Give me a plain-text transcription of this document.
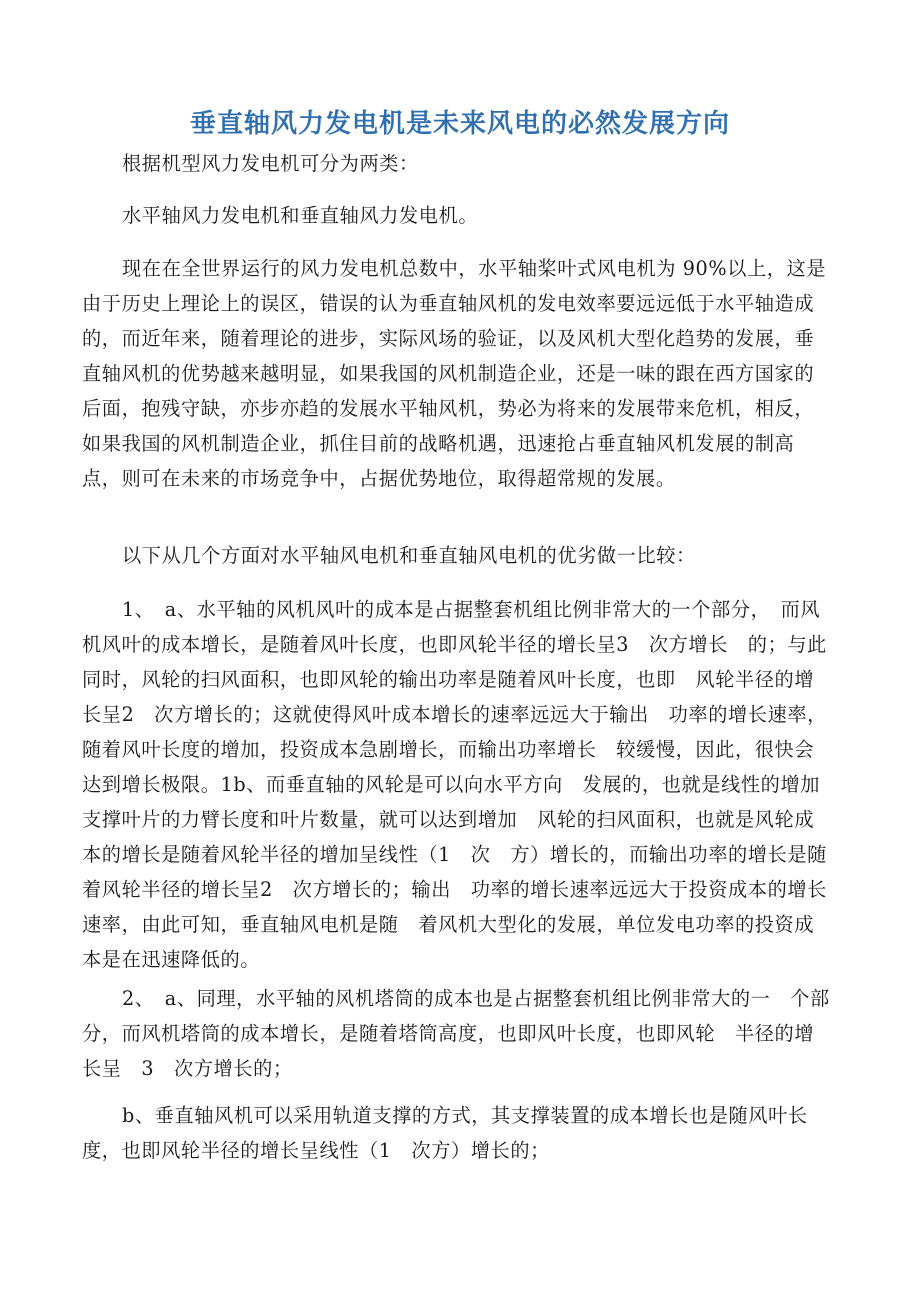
垂直轴风力发电机是未来风电的必然发展方向

根据机型风力发电机可分为两类：

水平轴风力发电机和垂直轴风力发电机。

现在在全世界运行的风力发电机总数中，水平轴桨叶式风电机为 90%以上，这是由于历史上理论上的误区，错误的认为垂直轴风机的发电效率要远远低于水平轴造成的，而近年来，随着理论的进步，实际风场的验证，以及风机大型化趋势的发展，垂直轴风机的优势越来越明显，如果我国的风机制造企业，还是一味的跟在西方国家的后面，抱残守缺，亦步亦趋的发展水平轴风机，势必为将来的发展带来危机，相反，如果我国的风机制造企业，抓住目前的战略机遇，迅速抢占垂直轴风机发展的制高点，则可在未来的市场竞争中，占据优势地位，取得超常规的发展。

以下从几个方面对水平轴风电机和垂直轴风电机的优劣做一比较：

1、　a、水平轴的风机风叶的成本是占据整套机组比例非常大的一个部分，　而风机风叶的成本增长，是随着风叶长度，也即风轮半径的增长呈3　次方增长　的；与此同时，风轮的扫风面积，也即风轮的输出功率是随着风叶长度，也即　风轮半径的增长呈2　次方增长的；这就使得风叶成本增长的速率远远大于输出　功率的增长速率，随着风叶长度的增加，投资成本急剧增长，而输出功率增长　较缓慢，因此，很快会达到增长极限。1b、而垂直轴的风轮是可以向水平方向　发展的，也就是线性的增加支撑叶片的力臂长度和叶片数量，就可以达到增加　风轮的扫风面积，也就是风轮成本的增长是随着风轮半径的增加呈线性（1　次　方）增长的，而输出功率的增长是随着风轮半径的增长呈2　次方增长的；输出　功率的增长速率远远大于投资成本的增长速率，由此可知，垂直轴风电机是随　着风机大型化的发展，单位发电功率的投资成本是在迅速降低的。

2、　a、同理，水平轴的风机塔筒的成本也是占据整套机组比例非常大的一　个部分，而风机塔筒的成本增长，是随着塔筒高度，也即风叶长度，也即风轮　半径的增长呈　3　次方增长的；

b、垂直轴风机可以采用轨道支撑的方式，其支撑装置的成本增长也是随风叶长度，也即风轮半径的增长呈线性（1　次方）增长的；
